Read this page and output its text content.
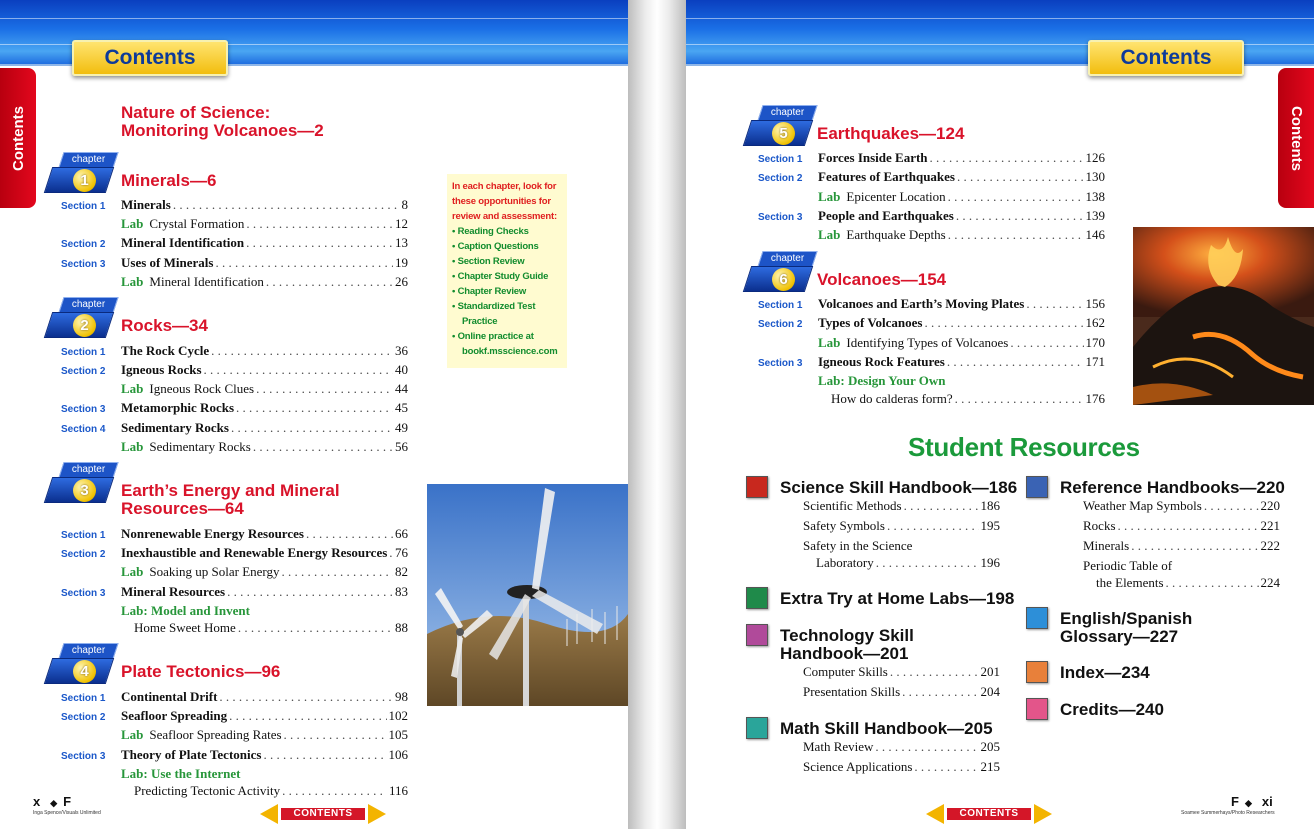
Contents
Contents	Nature of Science:
Monitoring Volcanoes—2
chapter
1	Minerals—6
chapter
2	Rocks—34
chapter
3	Earth’s Energy and Mineral
Resources—64
chapter
4	Plate Tectonics—96
Section 1	Minerals . . .	8
Lab Crystal Formation . . .	12
Section 2	Mineral Identification . . .	13
Section 3	Uses of Minerals . . .	19
Lab Mineral Identification . . .	26
Section 1	The Rock Cycle . . .	36
Section 2	Igneous Rocks . . .	40
Lab Igneous Rock Clues . . .	44
Section 3	Metamorphic Rocks . . .	45
Section 4	Sedimentary Rocks . . .	49
Lab Sedimentary Rocks . . .	56
Section 1	Nonrenewable Energy Resources . . .	66
Section 2	Inexhaustible and Renewable Energy Resources . . . 76
Lab Soaking up Solar Energy . . .	82
Section 3	Mineral Resources . . .	83
Lab: Model and Invent
Home Sweet Home . . .	88
Section 1	Continental Drift . . .	98
Section 2	Seafloor Spreading . . .	102
Lab Seafloor Spreading Rates . . .	105
Section 3	Theory of Plate Tectonics . . .	106
Lab: Use the Internet
Predicting Tectonic Activity . . .	116
In each chapter, look for these opportunities for review and assessment:
• Reading Checks
• Caption Questions
• Section Review
• Chapter Study Guide
• Chapter Review
• Standardized Test Practice
• Online practice at bookf.msscience.com
x ◆ F
Inga Spence/Visuals Unlimited	CONTENTS
Contents
Contents
chapter
5	Earthquakes—124
chapter
6	Volcanoes—154
Section 1	Forces Inside Earth . . .	126
Section 2	Features of Earthquakes . . .	130
Lab Epicenter Location . . .	138
Section 3	People and Earthquakes . . .	139
Lab Earthquake Depths . . .	146
Section 1	Volcanoes and Earth’s Moving Plates . . .	156
Section 2	Types of Volcanoes . . .	162
Lab Identifying Types of Volcanoes . . .	170
Section 3	Igneous Rock Features . . .	171
Lab: Design Your Own
How do calderas form? . . .	176
Student Resources
Science Skill Handbook—186
Scientific Methods . . .	186
Safety Symbols . . .	195
Safety in the Science
Laboratory . . .	196
Extra Try at Home Labs—198
Technology Skill
Handbook—201
Computer Skills . . .	201
Presentation Skills . . .	204
Math Skill Handbook—205
Math Review . . .	205
Science Applications . . .	215
Reference Handbooks—220
Weather Map Symbols . . .	220
Rocks . . .	221
Minerals . . .	222
Periodic Table of
the Elements . . .	224
English/Spanish
Glossary—227
Index—234
Credits—240
F ◆ xi
Soamee Summerhays/Photo Researchers
CONTENTS
